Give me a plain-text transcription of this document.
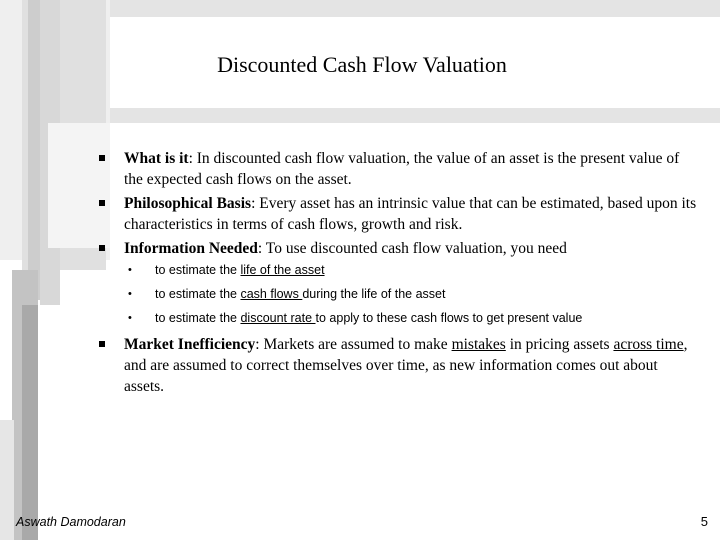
Discounted Cash Flow Valuation
What is it: In discounted cash flow valuation, the value of an asset is the present value of the expected cash flows on the asset.
Philosophical Basis: Every asset has an intrinsic value that can be estimated, based upon its characteristics in terms of cash flows, growth and risk.
Information Needed: To use discounted cash flow valuation, you need
• to estimate the life of the asset
• to estimate the cash flows during the life of the asset
• to estimate the discount rate to apply to these cash flows to get present value
Market Inefficiency: Markets are assumed to make mistakes in pricing assets across time, and are assumed to correct themselves over time, as new information comes out about assets.
Aswath Damodaran	5
